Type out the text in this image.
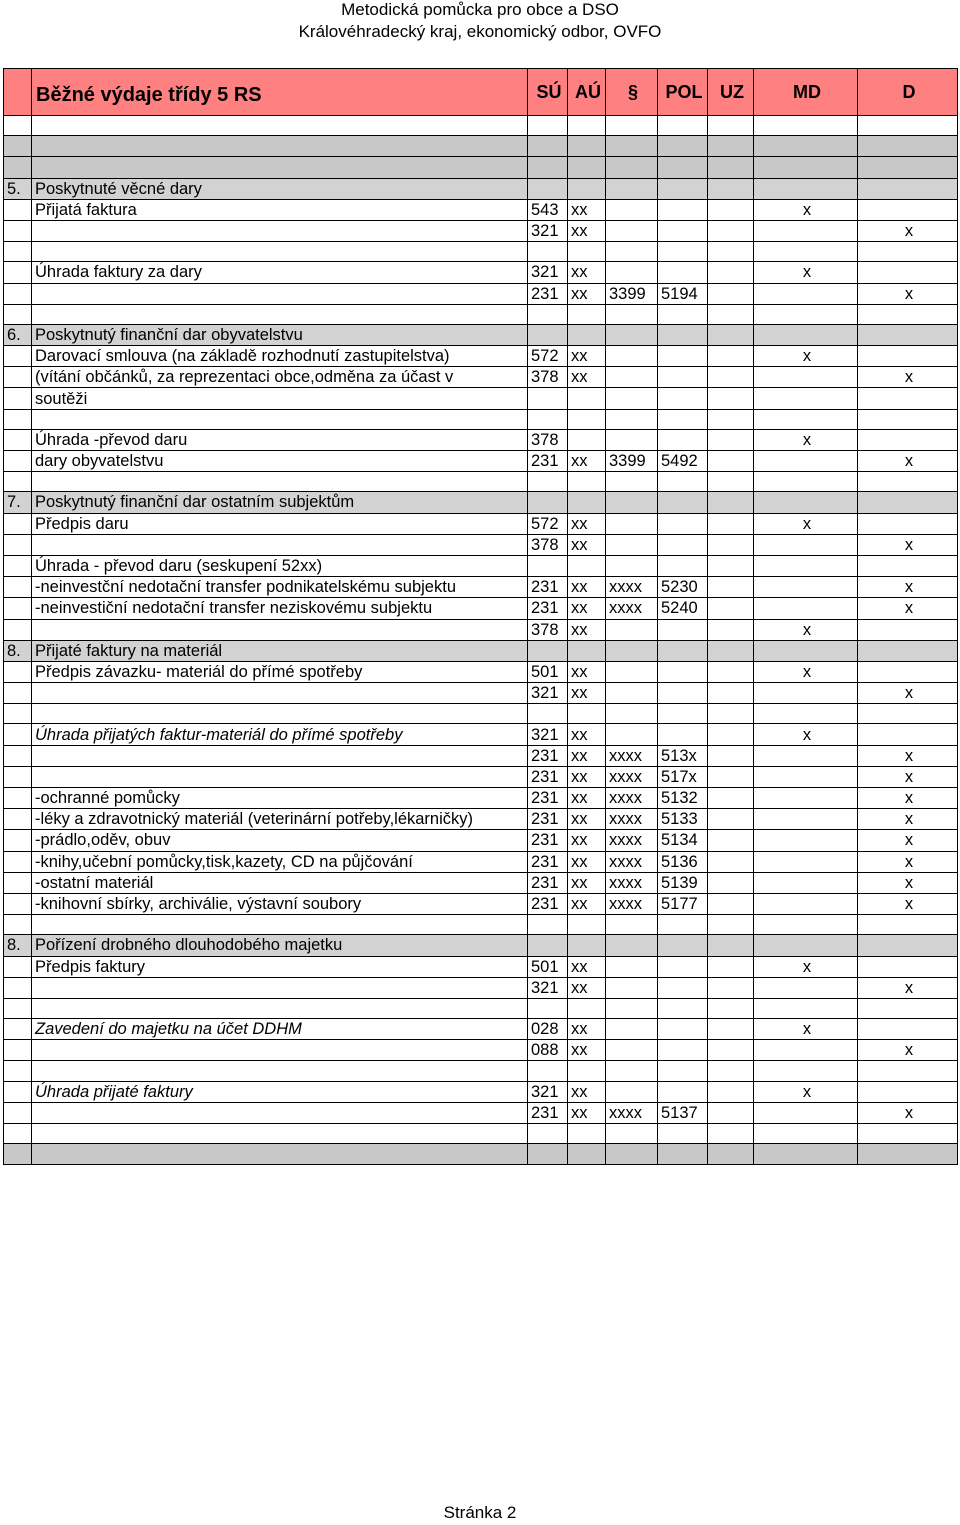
Metodická pomůcka pro obce a DSO
Královéhradecký kraj, ekonomický odbor, OVFO
	Běžné výdaje třídy 5 RS	SÚ	AÚ	§	POL	UZ	MD	D

5.	Poskytnuté věcné dary							
	Přijatá faktura	543	xx				x	
		321	xx					x

	Úhrada faktury za dary	321	xx				x	
		231	xx	3399	5194			x

6.	Poskytnutý finanční dar obyvatelstvu							
	Darovací smlouva (na základě rozhodnutí zastupitelstva)	572	xx				x	
	(vítání občánků, za reprezentaci obce,odměna za účast v	378	xx					x
	soutěži							

	Úhrada -převod daru	378					x	
	dary obyvatelstvu	231	xx	3399	5492			x

7.	Poskytnutý finanční dar ostatním subjektům							
	Předpis daru	572	xx				x	
		378	xx					x
	Úhrada - převod daru (seskupení 52xx)							
	-neinvestční nedotační transfer podnikatelskému subjektu	231	xx	xxxx	5230			x
	-neinvestiční nedotační transfer neziskovému subjektu	231	xx	xxxx	5240			x
		378	xx				x	
8.	Přijaté faktury na materiál							
	Předpis závazku- materiál do přímé spotřeby	501	xx				x	
		321	xx					x

	Úhrada přijatých faktur-materiál do přímé spotřeby	321	xx				x	
		231	xx	xxxx	513x			x
		231	xx	xxxx	517x			x
	-ochranné pomůcky	231	xx	xxxx	5132			x
	-léky a zdravotnický materiál (veterinární potřeby,lékarničky)	231	xx	xxxx	5133			x
	-prádlo,oděv, obuv	231	xx	xxxx	5134			x
	-knihy,učební pomůcky,tisk,kazety, CD na půjčování	231	xx	xxxx	5136			x
	-ostatní materiál	231	xx	xxxx	5139			x
	-knihovní sbírky, archiválie, výstavní soubory	231	xx	xxxx	5177			x

8.	Pořízení drobného dlouhodobého majetku							
	Předpis faktury	501	xx				x	
		321	xx					x

	Zavedení do majetku na účet DDHM	028	xx				x	
		088	xx					x

	Úhrada přijaté faktury	321	xx				x	
		231	xx	xxxx	5137			x

Stránka 2
